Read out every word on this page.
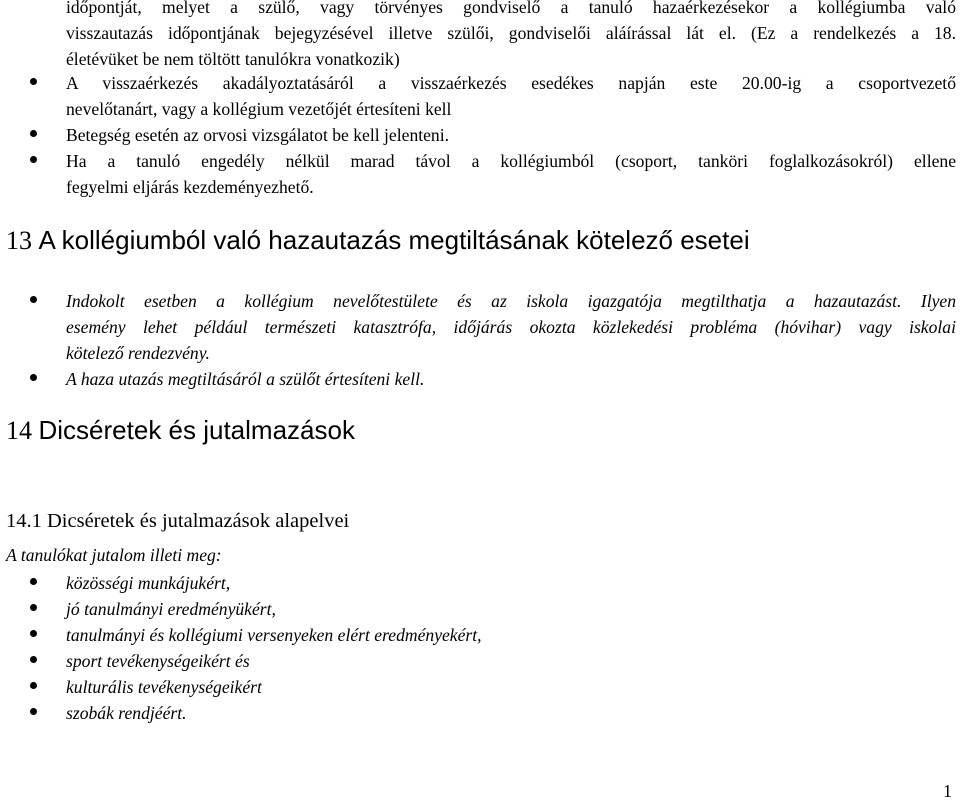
időpontját, melyet a szülő, vagy törvényes gondviselő a tanuló hazaérkezésekor a kollégiumba való
visszautazás időpontjának bejegyzésével illetve szülői, gondviselői aláírással lát el. (Ez a rendelkezés a 18.
életévüket be nem töltött tanulókra vonatkozik)
A visszaérkezés akadályoztatásáról a visszaérkezés esedékes napján este 20.00-ig a csoportvezető
nevelőtanárt, vagy a kollégium vezetőjét értesíteni kell
Betegség esetén az orvosi vizsgálatot be kell jelenteni.
Ha a tanuló engedély nélkül marad távol a kollégiumból (csoport, tanköri foglalkozásokról) ellene
fegyelmi eljárás kezdeményezhető.
13 A kollégiumból való hazautazás megtiltásának kötelező esetei
Indokolt esetben a kollégium nevelőtestülete és az iskola igazgatója megtilthatja a hazautazást. Ilyen
esemény lehet például természeti katasztrófa, időjárás okozta közlekedési probléma (hóvihar) vagy iskolai
kötelező rendezvény.
A haza utazás megtiltásáról a szülőt értesíteni kell.
14 Dicséretek és jutalmazások
14.1 Dicséretek és jutalmazások alapelvei
A tanulókat jutalom illeti meg:
közösségi munkájukért,
jó tanulmányi eredményükért,
tanulmányi és kollégiumi versenyeken elért eredményekért,
sport tevékenységeikért és
kulturális tevékenységeikért
szobák rendjéért.
1
